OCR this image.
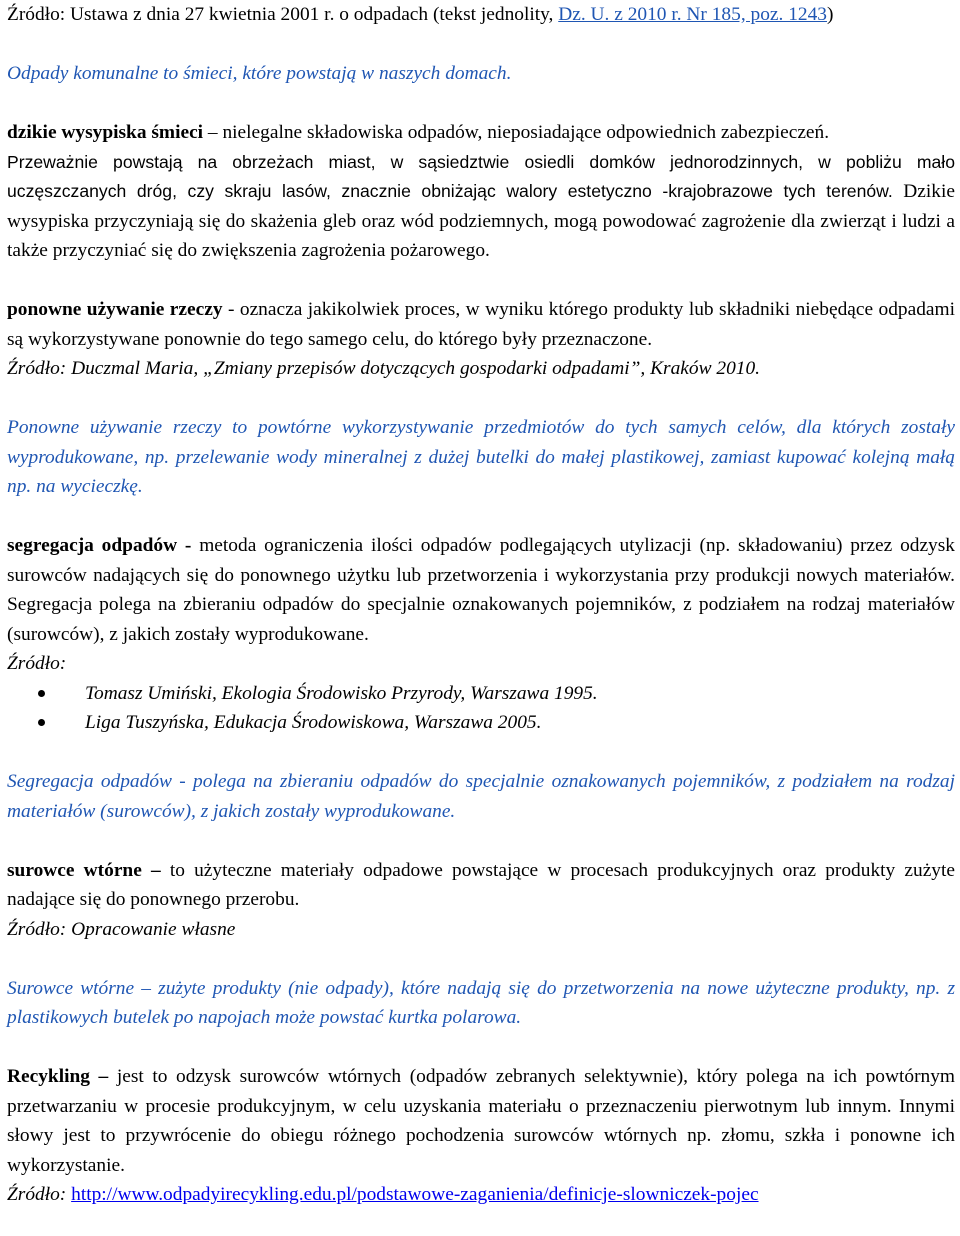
Źródło: Ustawa z dnia 27 kwietnia 2001 r. o odpadach (tekst jednolity, Dz. U. z 2010 r. Nr 185, poz. 1243)

Odpady komunalne to śmieci, które powstają w naszych domach.

dzikie wysypiska śmieci – nielegalne składowiska odpadów, nieposiadające odpowiednich zabezpieczeń.

Przeważnie powstają na obrzeżach miast, w sąsiedztwie osiedli domków jednorodzinnych, w pobliżu mało uczęszczanych dróg, czy skraju lasów, znacznie obniżając walory estetyczno -krajobrazowe tych terenów. Dzikie wysypiska przyczyniają się do skażenia gleb oraz wód podziemnych, mogą powodować zagrożenie dla zwierząt i ludzi a także przyczyniać się do zwiększenia zagrożenia pożarowego.

ponowne używanie rzeczy - oznacza jakikolwiek proces, w wyniku którego produkty lub składniki niebędące odpadami są wykorzystywane ponownie do tego samego celu, do którego były przeznaczone.

Źródło: Duczmal Maria, „Zmiany przepisów dotyczących gospodarki odpadami”, Kraków 2010.

Ponowne używanie rzeczy to powtórne wykorzystywanie przedmiotów do tych samych celów, dla których zostały wyprodukowane, np. przelewanie wody mineralnej z dużej butelki do małej plastikowej, zamiast kupować kolejną małą np. na wycieczkę.

segregacja odpadów - metoda ograniczenia ilości odpadów podlegających utylizacji (np. składowaniu) przez odzysk surowców nadających się do ponownego użytku lub przetworzenia i wykorzystania przy produkcji nowych materiałów. Segregacja polega na zbieraniu odpadów do specjalnie oznakowanych pojemników, z podziałem na rodzaj materiałów (surowców), z jakich zostały wyprodukowane.

Źródło:

Tomasz Umiński, Ekologia Środowisko Przyrody, Warszawa 1995.
Liga Tuszyńska, Edukacja Środowiskowa, Warszawa 2005.

Segregacja odpadów - polega na zbieraniu odpadów do specjalnie oznakowanych pojemników, z podziałem na rodzaj materiałów (surowców), z jakich zostały wyprodukowane.

surowce wtórne – to użyteczne materiały odpadowe powstające w procesach produkcyjnych oraz produkty zużyte nadające się do ponownego przerobu.

Źródło: Opracowanie własne

Surowce wtórne – zużyte produkty (nie odpady), które nadają się do przetworzenia na nowe użyteczne produkty, np. z plastikowych butelek po napojach może powstać kurtka polarowa.

Recykling – jest to odzysk surowców wtórnych (odpadów zebranych selektywnie), który polega na ich powtórnym przetwarzaniu w procesie produkcyjnym, w celu uzyskania materiału o przeznaczeniu pierwotnym lub innym. Innymi słowy jest to przywrócenie do obiegu różnego pochodzenia surowców wtórnych np. złomu, szkła i ponowne ich wykorzystanie.

Źródło: http://www.odpadyirecykling.edu.pl/podstawowe-zaganienia/definicje-slowniczek-pojec
